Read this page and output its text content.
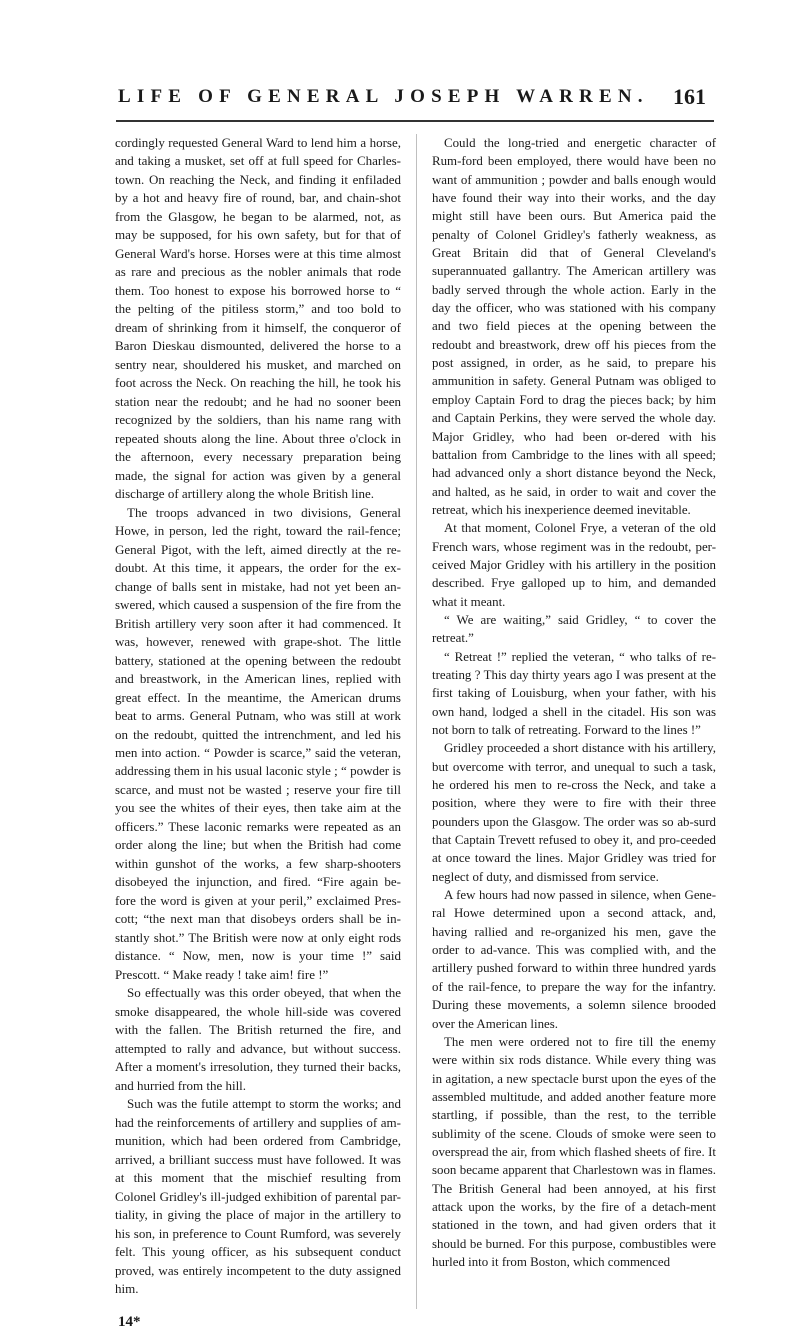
LIFE OF GENERAL JOSEPH WARREN. 161

cordingly requested General Ward to lend him a horse, and taking a musket, set off at full speed for Charles-town. On reaching the Neck, and finding it enfiladed by a hot and heavy fire of round, bar, and chain-shot from the Glasgow, he began to be alarmed, not, as may be supposed, for his own safety, but for that of General Ward's horse. Horses were at this time almost as rare and precious as the nobler animals that rode them. Too honest to expose his borrowed horse to “ the pelting of the pitiless storm,” and too bold to dream of shrinking from it himself, the conqueror of Baron Dieskau dismounted, delivered the horse to a sentry near, shouldered his musket, and marched on foot across the Neck. On reaching the hill, he took his station near the redoubt; and he had no sooner been recognized by the soldiers, than his name rang with repeated shouts along the line. About three o'clock in the afternoon, every necessary preparation being made, the signal for action was given by a general discharge of artillery along the whole British line.

The troops advanced in two divisions, General Howe, in person, led the right, toward the rail-fence; General Pigot, with the left, aimed directly at the re-doubt. At this time, it appears, the order for the ex-change of balls sent in mistake, had not yet been an-swered, which caused a suspension of the fire from the British artillery very soon after it had commenced. It was, however, renewed with grape-shot. The little battery, stationed at the opening between the redoubt and breastwork, in the American lines, replied with great effect. In the meantime, the American drums beat to arms. General Putnam, who was still at work on the redoubt, quitted the intrenchment, and led his men into action. “ Powder is scarce,” said the veteran, addressing them in his usual laconic style ; “ powder is scarce, and must not be wasted ; reserve your fire till you see the whites of their eyes, then take aim at the officers.” These laconic remarks were repeated as an order along the line; but when the British had come within gunshot of the works, a few sharp-shooters disobeyed the injunction, and fired. “Fire again be-fore the word is given at your peril,” exclaimed Pres-cott; “the next man that disobeys orders shall be in-stantly shot.” The British were now at only eight rods distance. “ Now, men, now is your time !” said Prescott. “ Make ready ! take aim! fire !”

So effectually was this order obeyed, that when the smoke disappeared, the whole hill-side was covered with the fallen. The British returned the fire, and attempted to rally and advance, but without success. After a moment's irresolution, they turned their backs, and hurried from the hill.

Such was the futile attempt to storm the works; and had the reinforcements of artillery and supplies of am-munition, which had been ordered from Cambridge, arrived, a brilliant success must have followed. It was at this moment that the mischief resulting from Colonel Gridley's ill-judged exhibition of parental par-tiality, in giving the place of major in the artillery to his son, in preference to Count Rumford, was severely felt. This young officer, as his subsequent conduct proved, was entirely incompetent to the duty assigned him.

Could the long-tried and energetic character of Rum-ford been employed, there would have been no want of ammunition ; powder and balls enough would have found their way into their works, and the day might still have been ours. But America paid the penalty of Colonel Gridley's fatherly weakness, as Great Britain did that of General Cleveland's superannuated gallantry. The American artillery was badly served through the whole action. Early in the day the officer, who was stationed with his company and two field pieces at the opening between the redoubt and breastwork, drew off his pieces from the post assigned, in order, as he said, to prepare his ammunition in safety. General Putnam was obliged to employ Captain Ford to drag the pieces back; by him and Captain Perkins, they were served the whole day. Major Gridley, who had been or-dered with his battalion from Cambridge to the lines with all speed; had advanced only a short distance beyond the Neck, and halted, as he said, in order to wait and cover the retreat, which his inexperience deemed inevitable.

At that moment, Colonel Frye, a veteran of the old French wars, whose regiment was in the redoubt, per-ceived Major Gridley with his artillery in the position described. Frye galloped up to him, and demanded what it meant.

“ We are waiting,” said Gridley, “ to cover the retreat.”

“ Retreat !” replied the veteran, “ who talks of re-treating ? This day thirty years ago I was present at the first taking of Louisburg, when your father, with his own hand, lodged a shell in the citadel. His son was not born to talk of retreating. Forward to the lines !”

Gridley proceeded a short distance with his artillery, but overcome with terror, and unequal to such a task, he ordered his men to re-cross the Neck, and take a position, where they were to fire with their three pounders upon the Glasgow. The order was so ab-surd that Captain Trevett refused to obey it, and pro-ceeded at once toward the lines. Major Gridley was tried for neglect of duty, and dismissed from service.

A few hours had now passed in silence, when Gene-ral Howe determined upon a second attack, and, having rallied and re-organized his men, gave the order to ad-vance. This was complied with, and the artillery pushed forward to within three hundred yards of the rail-fence, to prepare the way for the infantry. During these movements, a solemn silence brooded over the American lines.

The men were ordered not to fire till the enemy were within six rods distance. While every thing was in agitation, a new spectacle burst upon the eyes of the assembled multitude, and added another feature more startling, if possible, than the rest, to the terrible sublimity of the scene. Clouds of smoke were seen to overspread the air, from which flashed sheets of fire. It soon became apparent that Charlestown was in flames. The British General had been annoyed, at his first attack upon the works, by the fire of a detach-ment stationed in the town, and had given orders that it should be burned. For this purpose, combustibles were hurled into it from Boston, which commenced

14*
